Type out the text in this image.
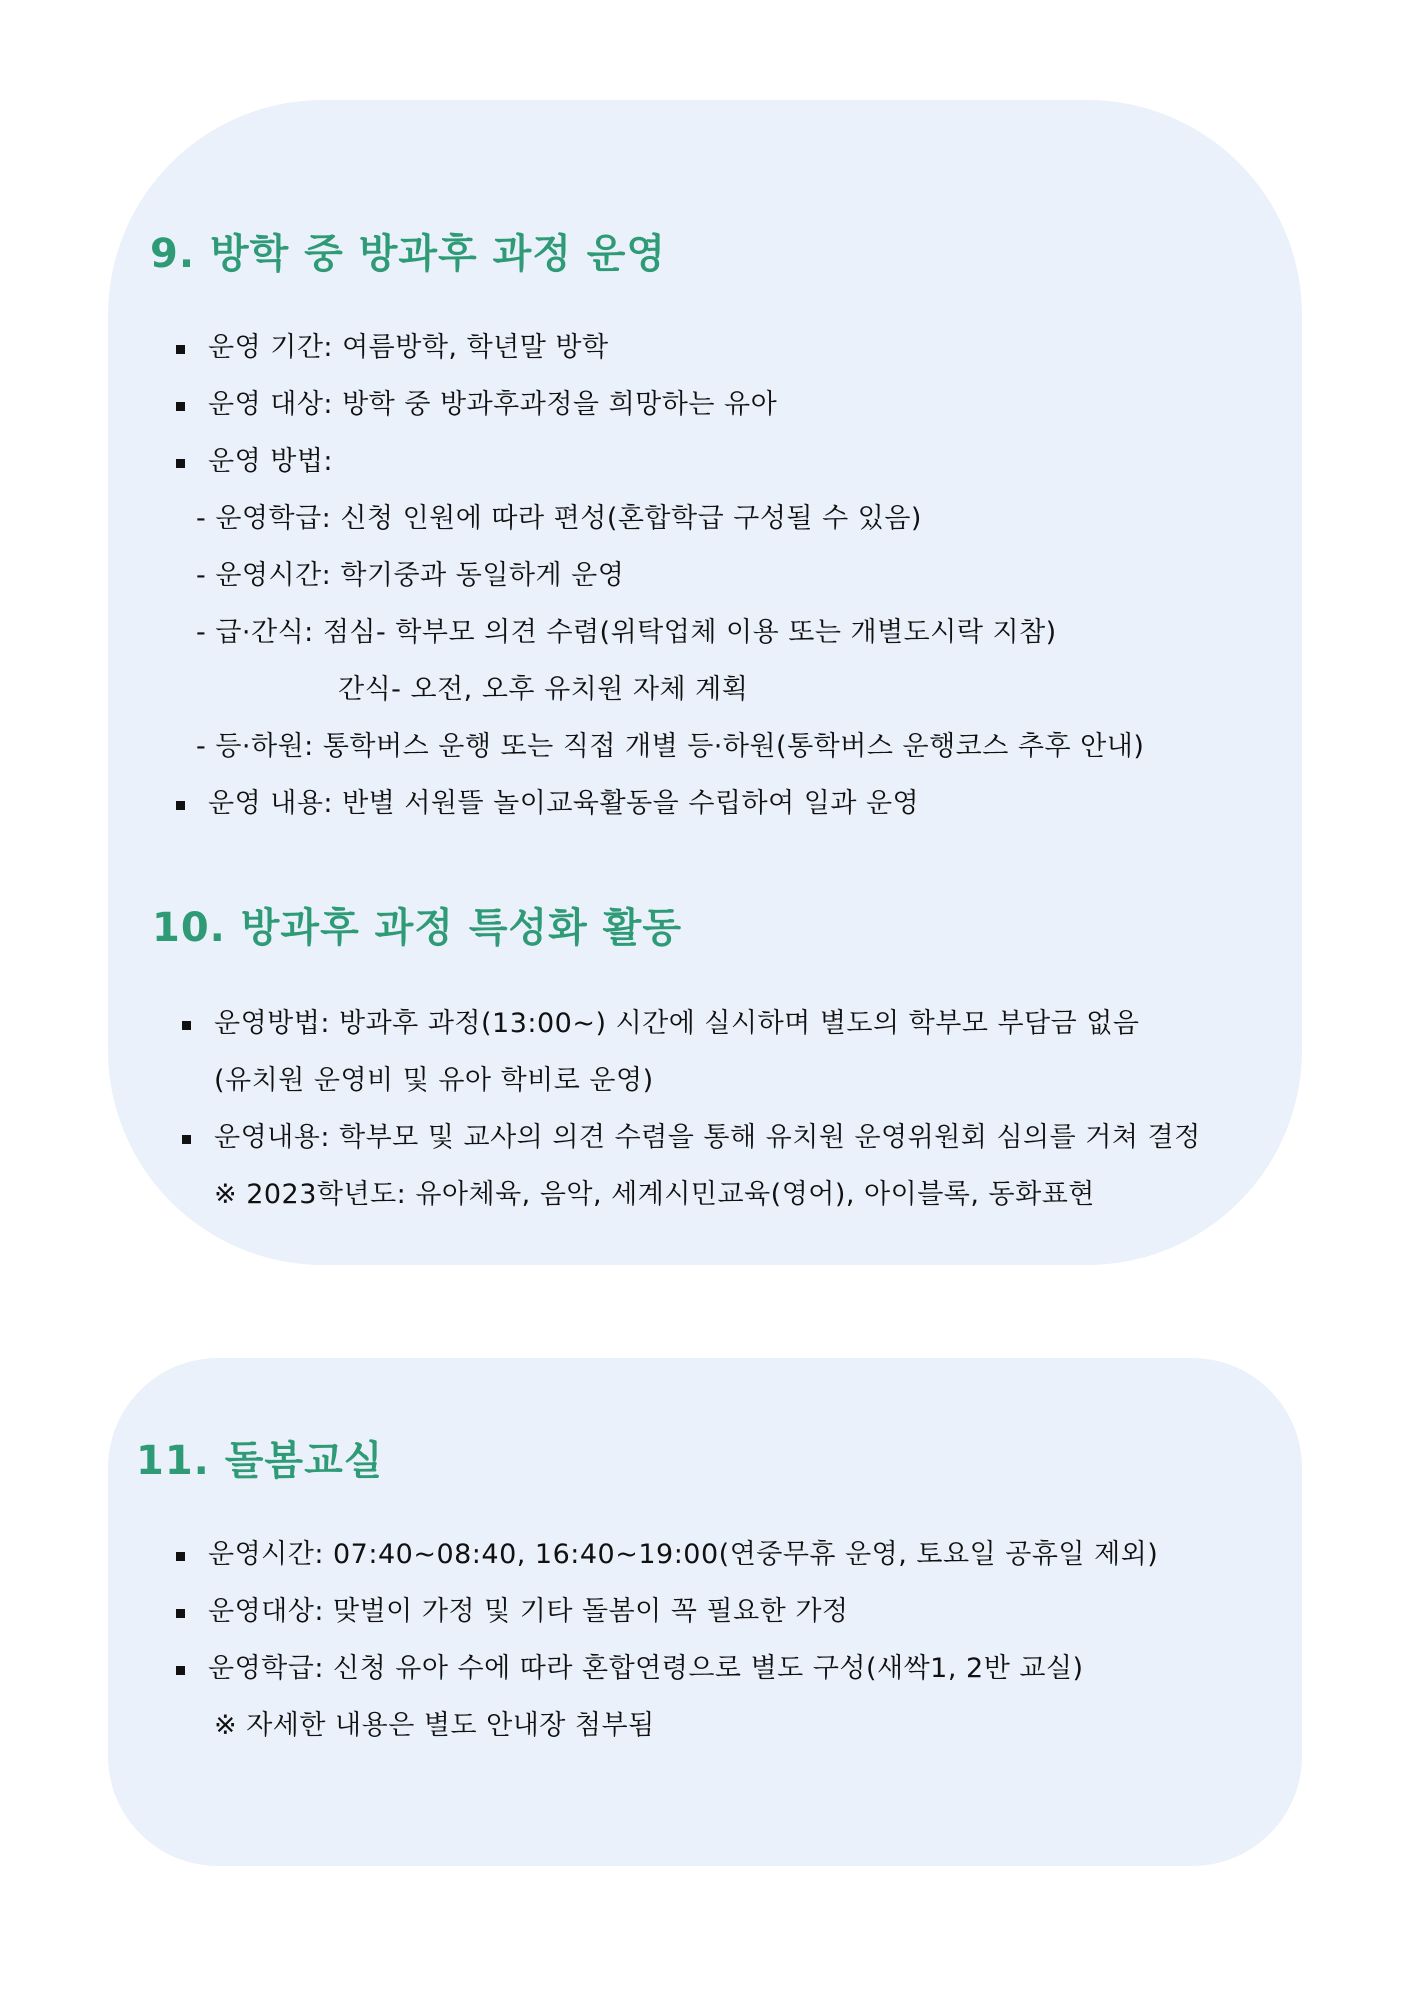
9. 방학 중 방과후 과정 운영

운영 기간: 여름방학, 학년말 방학

운영 대상: 방학 중 방과후과정을 희망하는 유아

운영 방법:

- 운영학급: 신청 인원에 따라 편성(혼합학급 구성될 수 있음)

- 운영시간: 학기중과 동일하게 운영

- 급·간식: 점심- 학부모 의견 수렴(위탁업체 이용 또는 개별도시락 지참)

간식- 오전, 오후 유치원 자체 계획

- 등·하원: 통학버스 운행 또는 직접 개별 등·하원(통학버스 운행코스 추후 안내)

운영 내용: 반별 서원뜰 놀이교육활동을 수립하여 일과 운영

10. 방과후 과정 특성화 활동

운영방법: 방과후 과정(13:00~) 시간에 실시하며 별도의 학부모 부담금 없음

(유치원 운영비 및 유아 학비로 운영)

운영내용: 학부모 및 교사의 의견 수렴을 통해 유치원 운영위원회 심의를 거쳐 결정

※ 2023학년도: 유아체육, 음악, 세계시민교육(영어), 아이블록, 동화표현

11. 돌봄교실

운영시간: 07:40~08:40, 16:40~19:00(연중무휴 운영, 토요일 공휴일 제외)

운영대상: 맞벌이 가정 및 기타 돌봄이 꼭 필요한 가정

운영학급: 신청 유아 수에 따라 혼합연령으로 별도 구성(새싹1, 2반 교실)

※ 자세한 내용은 별도 안내장 첨부됨
